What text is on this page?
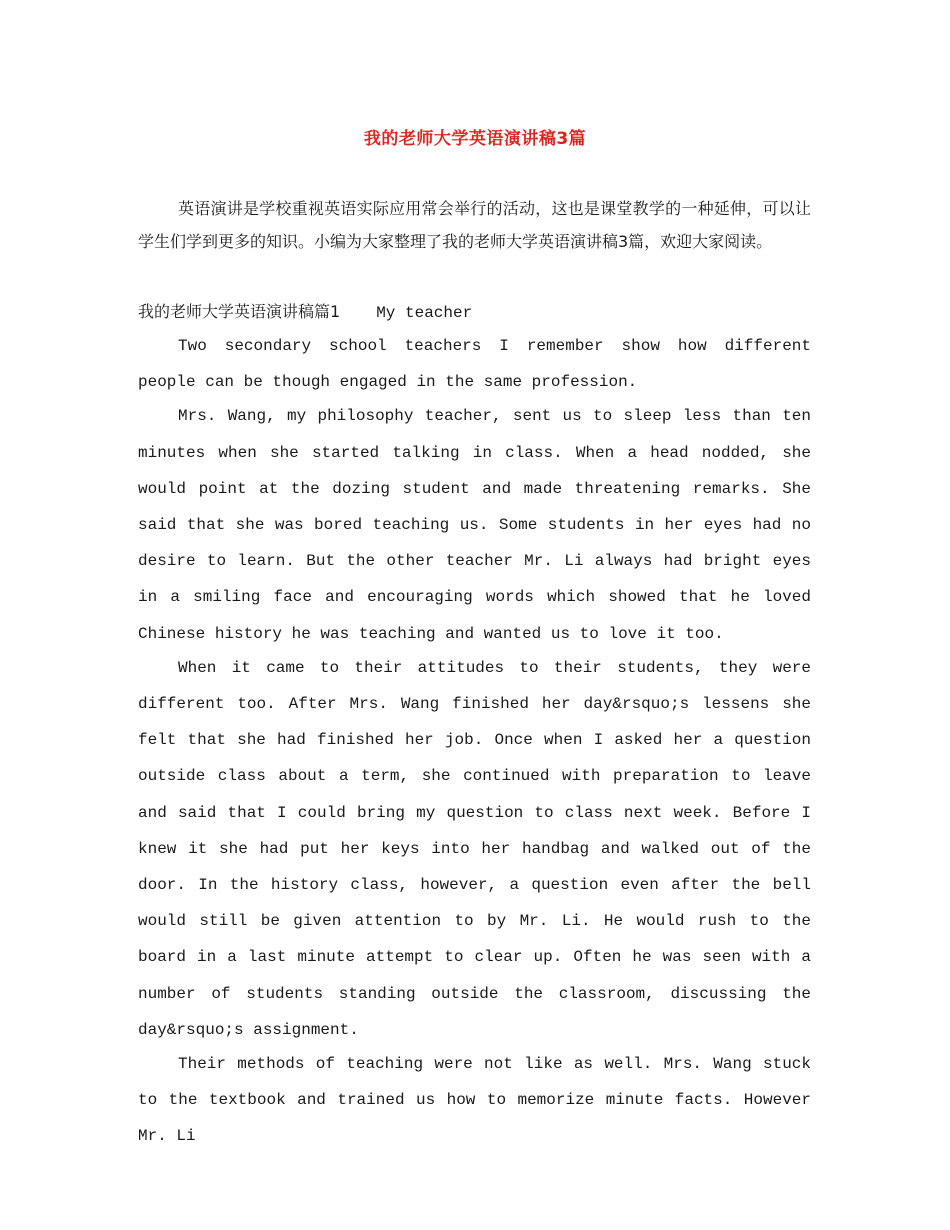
我的老师大学英语演讲稿3篇

英语演讲是学校重视英语实际应用常会举行的活动，这也是课堂教学的一种延伸，可以让学生们学到更多的知识。小编为大家整理了我的老师大学英语演讲稿3篇，欢迎大家阅读。

我的老师大学英语演讲稿篇1 My teacher

Two secondary school teachers I remember show how different people can be though engaged in the same profession.

Mrs. Wang, my philosophy teacher, sent us to sleep less than ten minutes when she started talking in class. When a head nodded, she would point at the dozing student and made threatening remarks. She said that she was bored teaching us. Some students in her eyes had no desire to learn. But the other teacher Mr. Li always had bright eyes in a smiling face and encouraging words which showed that he loved Chinese history he was teaching and wanted us to love it too.

When it came to their attitudes to their students, they were different too. After Mrs. Wang finished her day&rsquo;s lessens she felt that she had finished her job. Once when I asked her a question outside class about a term, she continued with preparation to leave and said that I could bring my question to class next week. Before I knew it she had put her keys into her handbag and walked out of the door. In the history class, however, a question even after the bell would still be given attention to by Mr. Li. He would rush to the board in a last minute attempt to clear up. Often he was seen with a number of students standing outside the classroom, discussing the day&rsquo;s assignment.

Their methods of teaching were not like as well. Mrs. Wang stuck to the textbook and trained us how to memorize minute facts. However Mr. Li
